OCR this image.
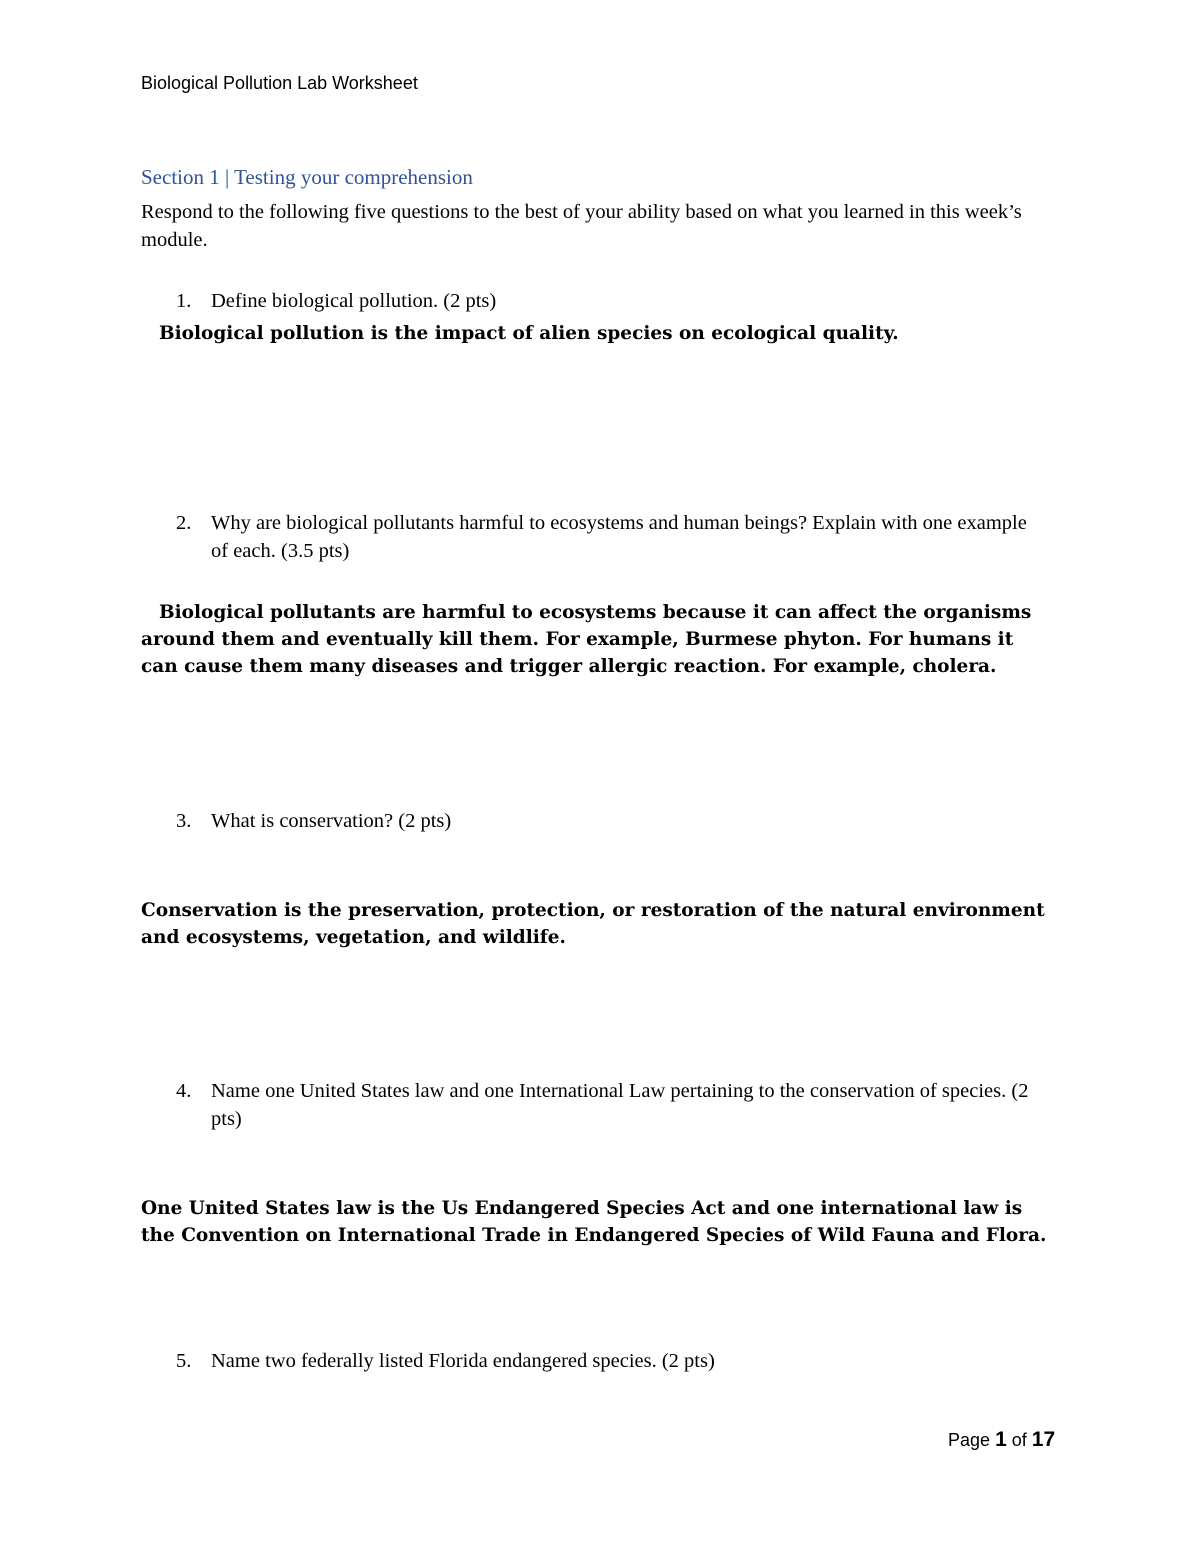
Biological Pollution Lab Worksheet
Section 1 | Testing your comprehension
Respond to the following five questions to the best of your ability based on what you learned in this week’s module.
1. Define biological pollution. (2 pts)
Biological pollution is the impact of alien species on ecological quality.
2. Why are biological pollutants harmful to ecosystems and human beings? Explain with one example of each. (3.5 pts)
Biological pollutants are harmful to ecosystems because it can affect the organisms around them and eventually kill them. For example, Burmese phyton. For humans it can cause them many diseases and trigger allergic reaction. For example, cholera.
3. What is conservation? (2 pts)
Conservation is the preservation, protection, or restoration of the natural environment and ecosystems, vegetation, and wildlife.
4. Name one United States law and one International Law pertaining to the conservation of species. (2 pts)
One United States law is the Us Endangered Species Act and one international law is the Convention on International Trade in Endangered Species of Wild Fauna and Flora.
5. Name two federally listed Florida endangered species. (2 pts)
Page 1 of 17
